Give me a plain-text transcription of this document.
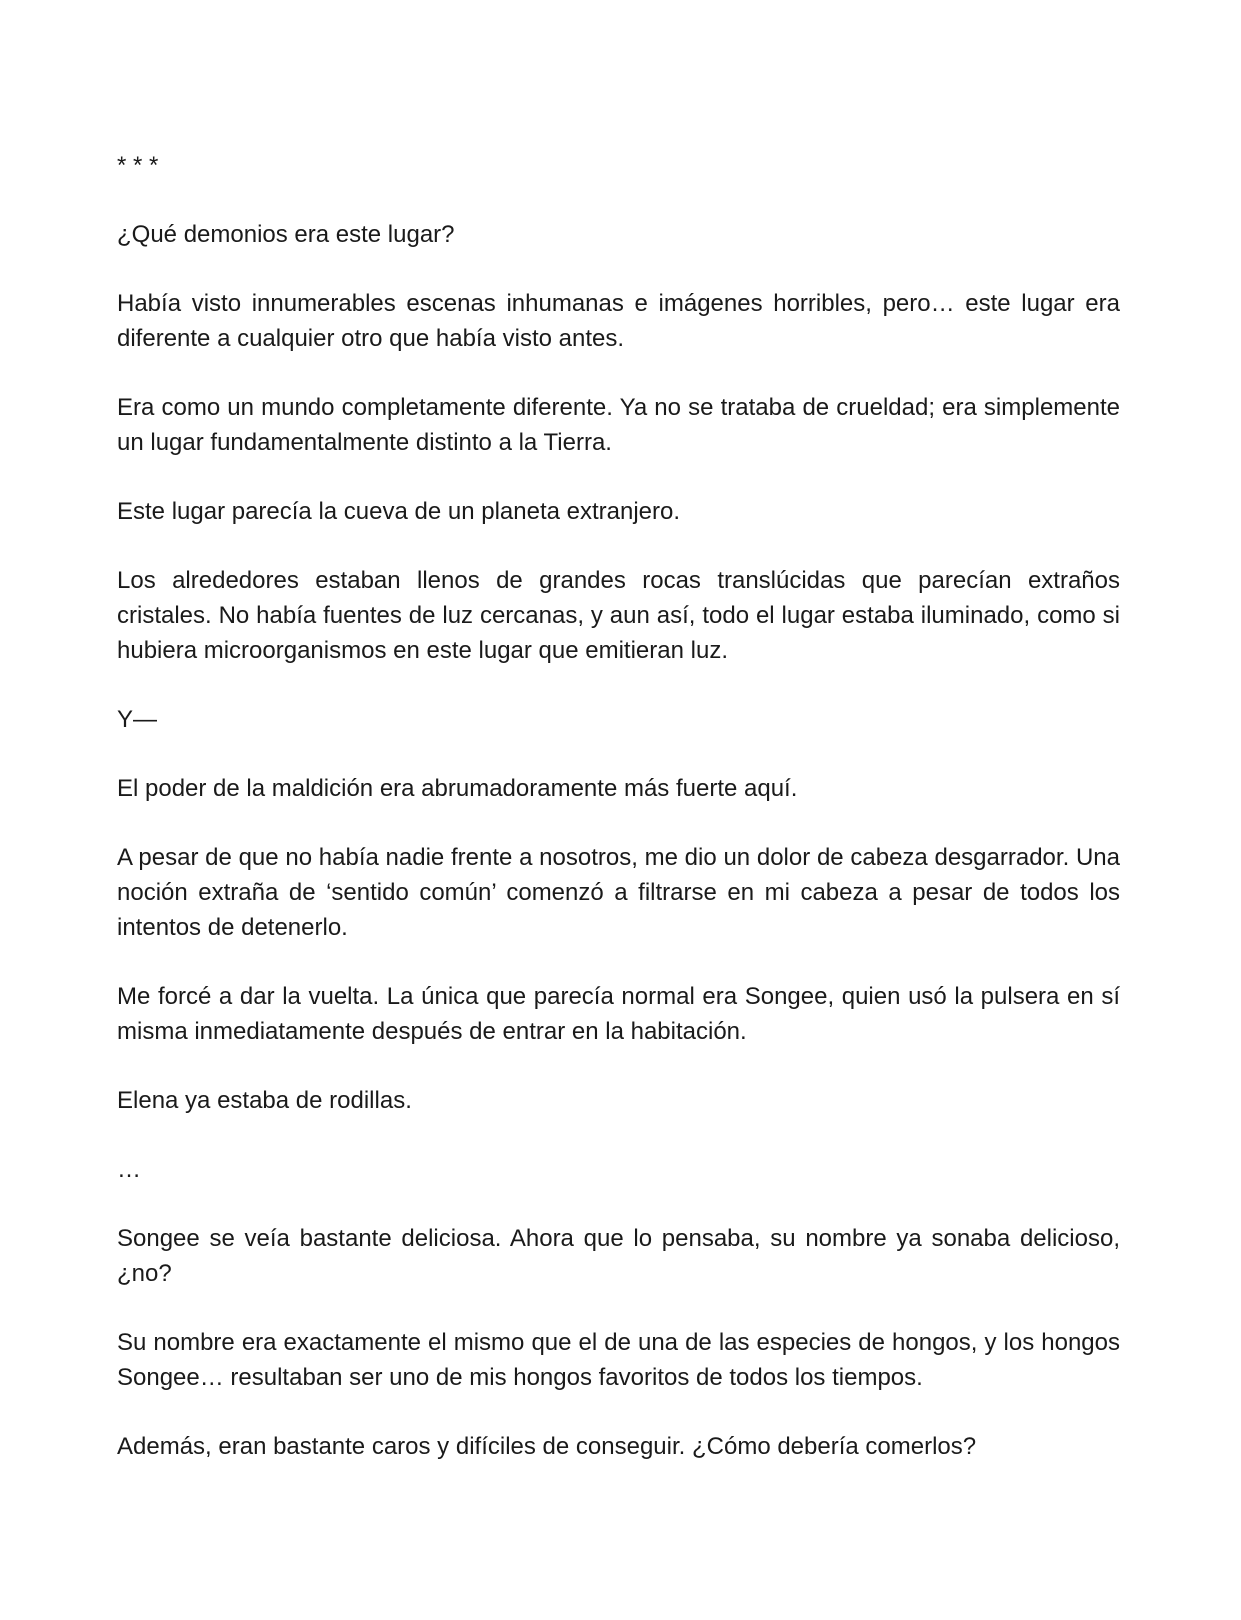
* * *

¿Qué demonios era este lugar?

Había visto innumerables escenas inhumanas e imágenes horribles, pero… este lugar era diferente a cualquier otro que había visto antes.

Era como un mundo completamente diferente. Ya no se trataba de crueldad; era simplemente un lugar fundamentalmente distinto a la Tierra.

Este lugar parecía la cueva de un planeta extranjero.

Los alrededores estaban llenos de grandes rocas translúcidas que parecían extraños cristales. No había fuentes de luz cercanas, y aun así, todo el lugar estaba iluminado, como si hubiera microorganismos en este lugar que emitieran luz.

Y—

El poder de la maldición era abrumadoramente más fuerte aquí.

A pesar de que no había nadie frente a nosotros, me dio un dolor de cabeza desgarrador. Una noción extraña de ‘sentido común’ comenzó a filtrarse en mi cabeza a pesar de todos los intentos de detenerlo.

Me forcé a dar la vuelta. La única que parecía normal era Songee, quien usó la pulsera en sí misma inmediatamente después de entrar en la habitación.

Elena ya estaba de rodillas.

…

Songee se veía bastante deliciosa. Ahora que lo pensaba, su nombre ya sonaba delicioso, ¿no?

Su nombre era exactamente el mismo que el de una de las especies de hongos, y los hongos Songee… resultaban ser uno de mis hongos favoritos de todos los tiempos.

Además, eran bastante caros y difíciles de conseguir. ¿Cómo debería comerlos?
